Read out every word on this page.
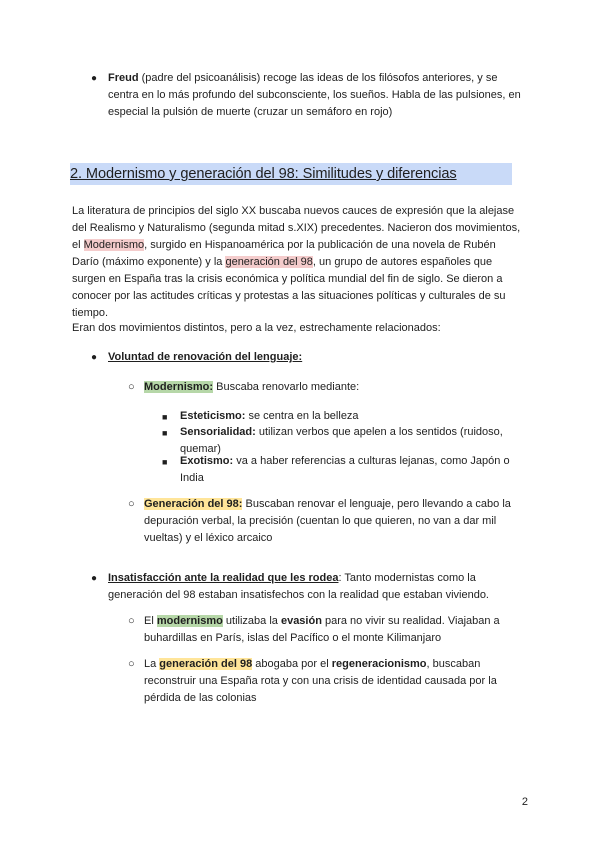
● Freud (padre del psicoanálisis) recoge las ideas de los filósofos anteriores, y se centra en lo más profundo del subconsciente, los sueños. Habla de las pulsiones, en especial la pulsión de muerte (cruzar un semáforo en rojo)
2. Modernismo y generación del 98: Similitudes y diferencias
La literatura de principios del siglo XX buscaba nuevos cauces de expresión que la alejase del Realismo y Naturalismo (segunda mitad s.XIX) precedentes. Nacieron dos movimientos, el Modernismo, surgido en Hispanoamérica por la publicación de una novela de Rubén Darío (máximo exponente) y la generación del 98, un grupo de autores españoles que surgen en España tras la crisis económica y política mundial del fin de siglo. Se dieron a conocer por las actitudes críticas y protestas a las situaciones políticas y culturales de su tiempo.
Eran dos movimientos distintos, pero a la vez, estrechamente relacionados:
● Voluntad de renovación del lenguaje:
○ Modernismo: Buscaba renovarlo mediante:
■ Esteticismo: se centra en la belleza
■ Sensorialidad: utilizan verbos que apelen a los sentidos (ruidoso, quemar)
■ Exotismo: va a haber referencias a culturas lejanas, como Japón o India
○ Generación del 98: Buscaban renovar el lenguaje, pero llevando a cabo la depuración verbal, la precisión (cuentan lo que quieren, no van a dar mil vueltas) y el léxico arcaico
● Insatisfacción ante la realidad que les rodea: Tanto modernistas como la generación del 98 estaban insatisfechos con la realidad que estaban viviendo.
○ El modernismo utilizaba la evasión para no vivir su realidad. Viajaban a buhardillas en París, islas del Pacífico o el monte Kilimanjaro
○ La generación del 98 abogaba por el regeneracionismo, buscaban reconstruir una España rota y con una crisis de identidad causada por la pérdida de las colonias
2
